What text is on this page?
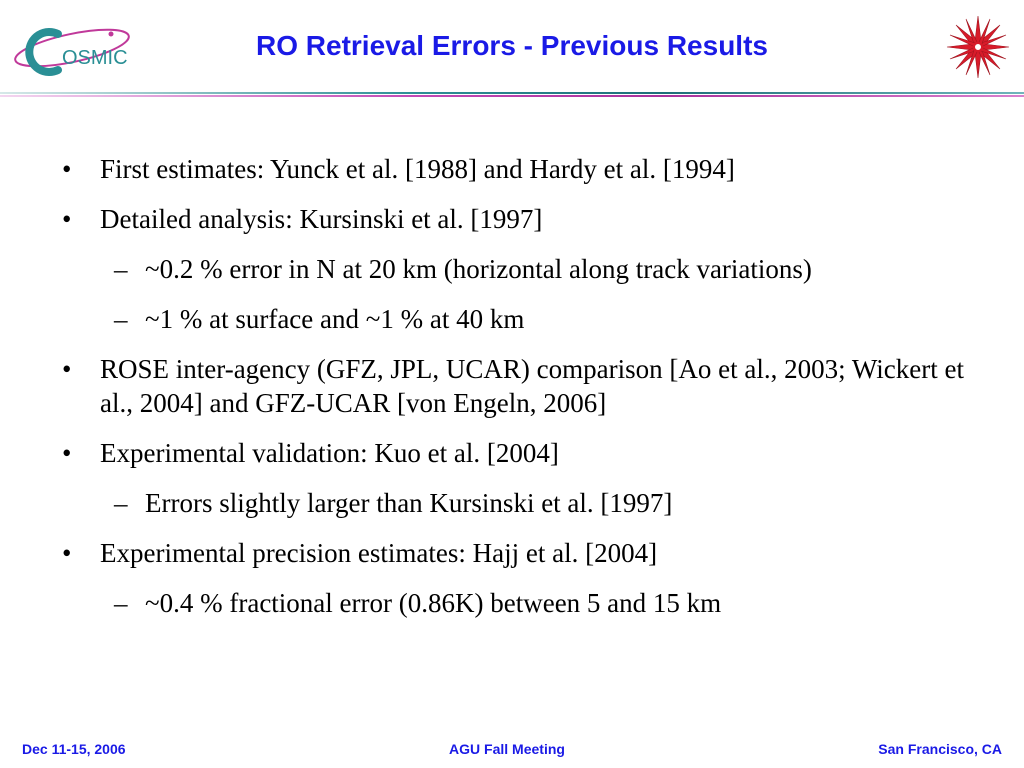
OSMIC	RO Retrieval Errors - Previous Results
• First estimates: Yunck et al. [1988] and Hardy et al. [1994]
• Detailed analysis: Kursinski et al. [1997]
– ~0.2 % error in N at 20 km (horizontal along track variations)
– ~1 % at surface and ~1 % at 40 km
• ROSE inter-agency (GFZ, JPL, UCAR) comparison [Ao et al., 2003; Wickert et al., 2004] and GFZ-UCAR [von Engeln, 2006]
• Experimental validation: Kuo et al. [2004]
– Errors slightly larger than Kursinski et al. [1997]
• Experimental precision estimates: Hajj et al. [2004]
– ~0.4 % fractional error (0.86K) between 5 and 15 km
Dec 11-15, 2006	AGU Fall Meeting	San Francisco, CA
